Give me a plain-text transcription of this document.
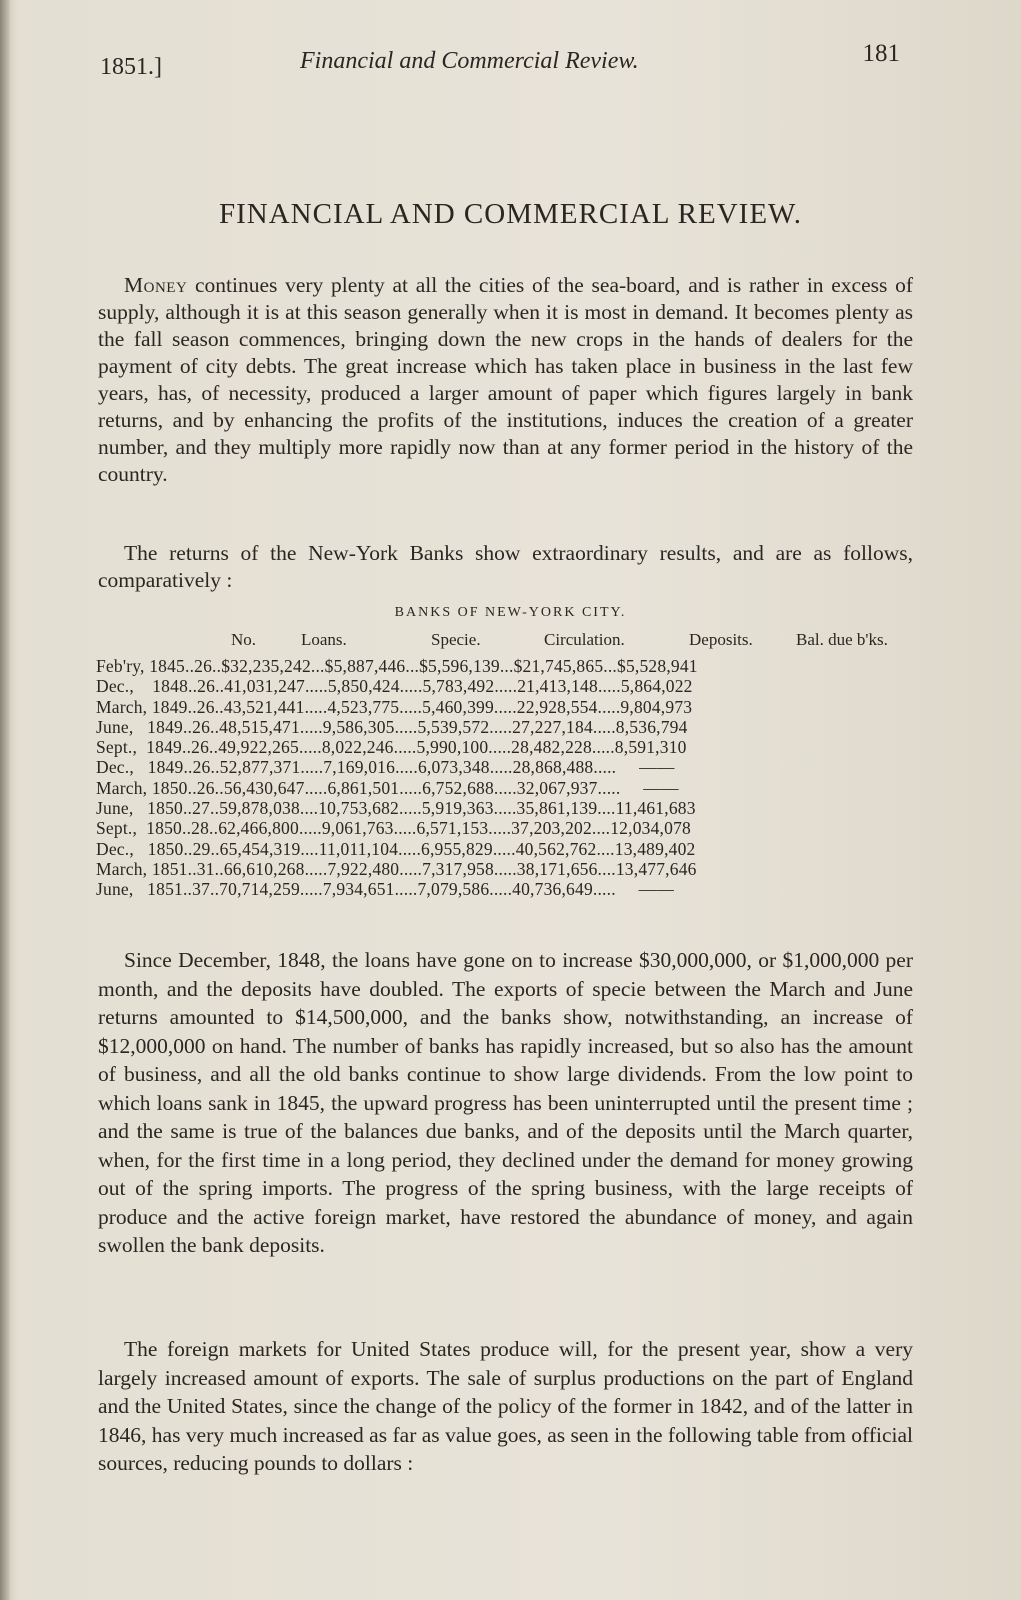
1851.]	Financial and Commercial Review.	181
FINANCIAL AND COMMERCIAL REVIEW.

Money continues very plenty at all the cities of the sea-board, and is rather in excess of supply, although it is at this season generally when it is most in demand. It becomes plenty as the fall season commences, bringing down the new crops in the hands of dealers for the payment of city debts. The great increase which has taken place in business in the last few years, has, of necessity, produced a larger amount of paper which figures largely in bank returns, and by enhancing the profits of the institutions, induces the creation of a greater number, and they multiply more rapidly now than at any former period in the history of the country.

The returns of the New-York Banks show extraordinary results, and are as follows, comparatively :

BANKS OF NEW-YORK CITY.
No.	Loans.	Specie.	Circulation.	Deposits.	Bal. due b'ks.
Feb'ry, 1845..26..$32,235,242...$5,887,446...$5,596,139...$21,745,865...$5,528,941
Dec.,    1848..26..41,031,247.....5,850,424.....5,783,492.....21,413,148.....5,864,022
March, 1849..26..43,521,441.....4,523,775.....5,460,399.....22,928,554.....9,804,973
June,   1849..26..48,515,471.....9,586,305.....5,539,572.....27,227,184.....8,536,794
Sept.,  1849..26..49,922,265.....8,022,246.....5,990,100.....28,482,228.....8,591,310
Dec.,   1849..26..52,877,371.....7,169,016.....6,073,348.....28,868,488.....     ——
March, 1850..26..56,430,647.....6,861,501.....6,752,688.....32,067,937.....     ——
June,   1850..27..59,878,038....10,753,682.....5,919,363.....35,861,139....11,461,683
Sept.,  1850..28..62,466,800.....9,061,763.....6,571,153.....37,203,202....12,034,078
Dec.,   1850..29..65,454,319....11,011,104.....6,955,829.....40,562,762....13,489,402
March, 1851..31..66,610,268.....7,922,480.....7,317,958.....38,171,656....13,477,646
June,   1851..37..70,714,259.....7,934,651.....7,079,586.....40,736,649.....     ——

Since December, 1848, the loans have gone on to increase $30,000,000, or $1,000,000 per month, and the deposits have doubled. The exports of specie between the March and June returns amounted to $14,500,000, and the banks show, notwithstanding, an increase of $12,000,000 on hand. The number of banks has rapidly increased, but so also has the amount of business, and all the old banks continue to show large dividends. From the low point to which loans sank in 1845, the upward progress has been uninterrupted until the present time ; and the same is true of the balances due banks, and of the deposits until the March quarter, when, for the first time in a long period, they declined under the demand for money growing out of the spring imports. The progress of the spring business, with the large receipts of produce and the active foreign market, have restored the abundance of money, and again swollen the bank deposits.

The foreign markets for United States produce will, for the present year, show a very largely increased amount of exports. The sale of surplus productions on the part of England and the United States, since the change of the policy of the former in 1842, and of the latter in 1846, has very much increased as far as value goes, as seen in the following table from official sources, reducing pounds to dollars :
